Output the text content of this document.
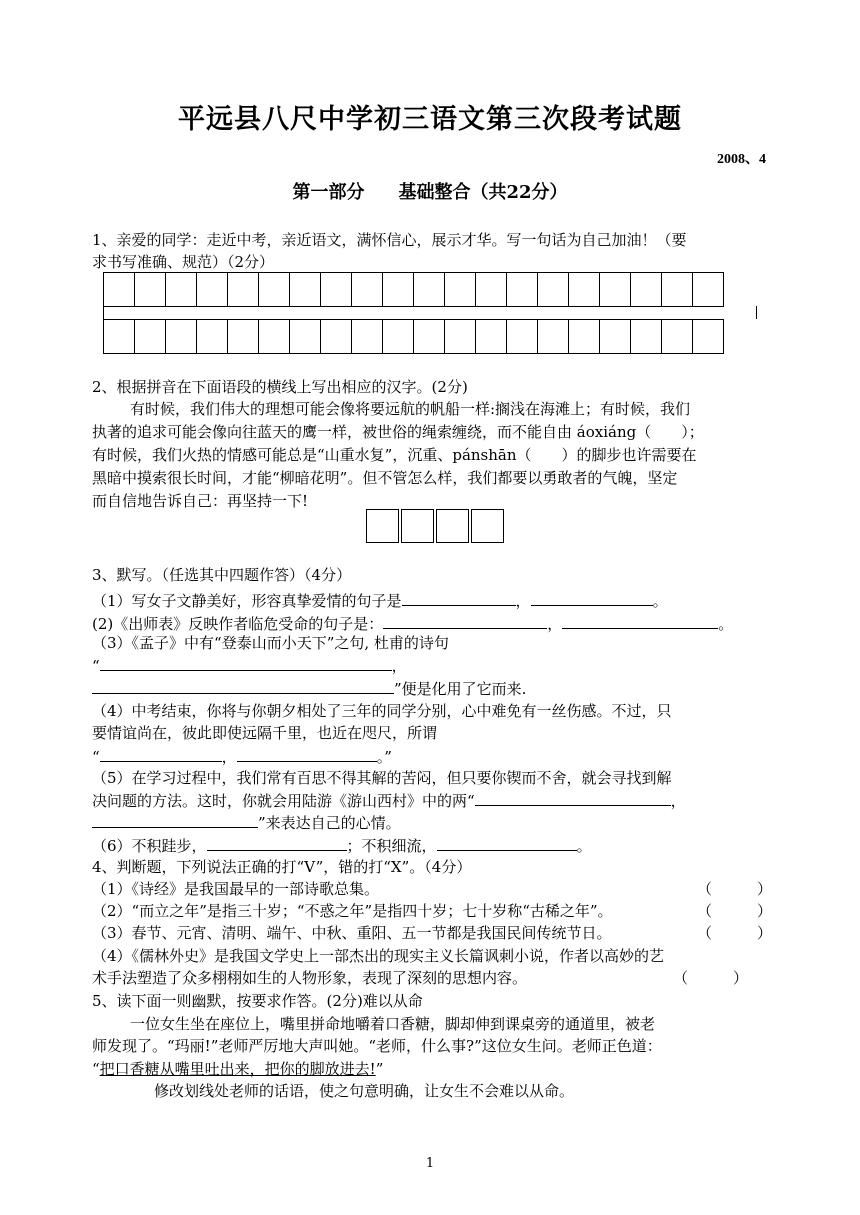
平远县八尺中学初三语文第三次段考试题
2008、4
第一部分 基础整合（共22分）
1、亲爱的同学：走近中考，亲近语文，满怀信心，展示才华。写一句话为自己加油！（要
求书写准确、规范）（2分）

2、根据拼音在下面语段的横线上写出相应的汉字。(2分)
有时候，我们伟大的理想可能会像将要远航的帆船一样:搁浅在海滩上；有时候，我们
执著的追求可能会像向往蓝天的鹰一样，被世俗的绳索缠绕，而不能自由 áoxiáng（　　）；
有时候，我们火热的情感可能总是“山重水复”，沉重、pánshān（　　）的脚步也许需要在
黑暗中摸索很长时间，才能“柳暗花明”。但不管怎么样，我们都要以勇敢者的气魄，坚定
而自信地告诉自己：再坚持一下!

3、默写。（任选其中四题作答）（4分）
（1）写女子文静美好，形容真挚爱情的句子是	，	。
(2)《出师表》反映作者临危受命的句子是：	，	。
（3）《孟子》中有“登泰山而小天下”之句, 杜甫的诗句
“	，
”便是化用了它而来.
（4）中考结束，你将与你朝夕相处了三年的同学分别，心中难免有一丝伤感。不过，只
要情谊尚在，彼此即使远隔千里，也近在咫尺，所谓
“	，	。”
（5）在学习过程中，我们常有百思不得其解的苦闷，但只要你锲而不舍，就会寻找到解
决问题的方法。这时，你就会用陆游《游山西村》中的两“	，
”来表达自己的心情。
（6）不积跬步，	；不积细流，	。
4、判断题，下列说法正确的打“V”，错的打“X”。（4分）
（1）《诗经》是我国最早的一部诗歌总集。	（　　　）
（2）“而立之年”是指三十岁；“不惑之年”是指四十岁；七十岁称“古稀之年”。	（　　　）
（3）春节、元宵、清明、端午、中秋、重阳、五一节都是我国民间传统节日。	（　　　）
（4）《儒林外史》是我国文学史上一部杰出的现实主义长篇讽刺小说，作者以高妙的艺
术手法塑造了众多栩栩如生的人物形象，表现了深刻的思想内容。	（　　　）
5、读下面一则幽默，按要求作答。(2分)难以从命
一位女生坐在座位上，嘴里拼命地嚼着口香糖，脚却伸到课桌旁的通道里，被老
师发现了。“玛丽!”老师严厉地大声叫她。“老师，什么事?”这位女生问。老师正色道：
“把口香糖从嘴里吐出来，把你的脚放进去!”
修改划线处老师的话语，使之句意明确，让女生不会难以从命。
1
